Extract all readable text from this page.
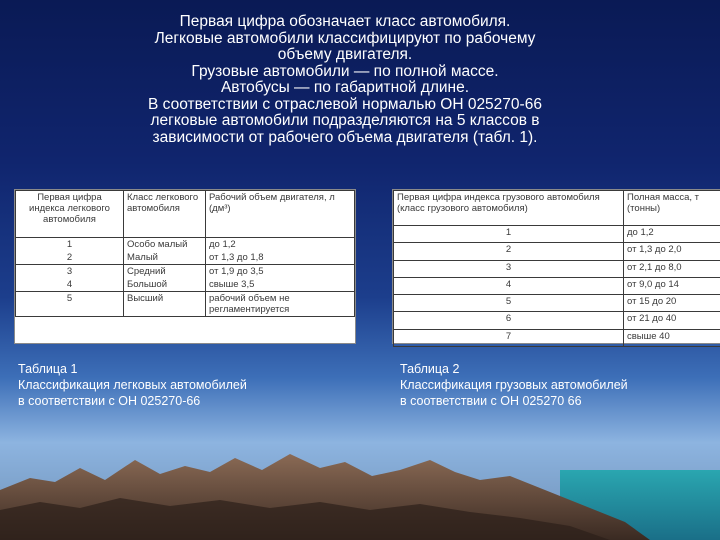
Первая цифра обозначает класс автомобиля.
Легковые автомобили классифицируют по рабочему
объему двигателя.
Грузовые автомобили — по полной массе.
Автобусы — по габаритной длине.
В соответствии с отраслевой нормалью ОН 025270‑66
легковые автомобили подразделяются на 5 классов в
зависимости от рабочего объема двигателя (табл. 1).
Первая цифра индекса легкового автомобиля	Класс легкового автомобиля	Рабочий объем двигателя, л (дм³)
1	Особо малый	до 1,2
2	Малый	от 1,3 до 1,8
3	Средний	от 1,9 до 3,5
4	Большой	свыше 3,5
5	Высший	рабочий объем не регламентируется
Первая цифра индекса грузового автомобиля (класс грузового автомобиля)	Полная масса, т (тонны)
1	до 1,2
2	от 1,3 до 2,0
3	от 2,1 до 8,0
4	от 9,0 до 14
5	от 15 до 20
6	от 21 до 40
7	свыше 40
Таблица 1
Классификация легковых автомобилей
в соответствии с ОН 025270‑66
Таблица 2
Классификация грузовых автомобилей
в соответствии с ОН 025270 66
